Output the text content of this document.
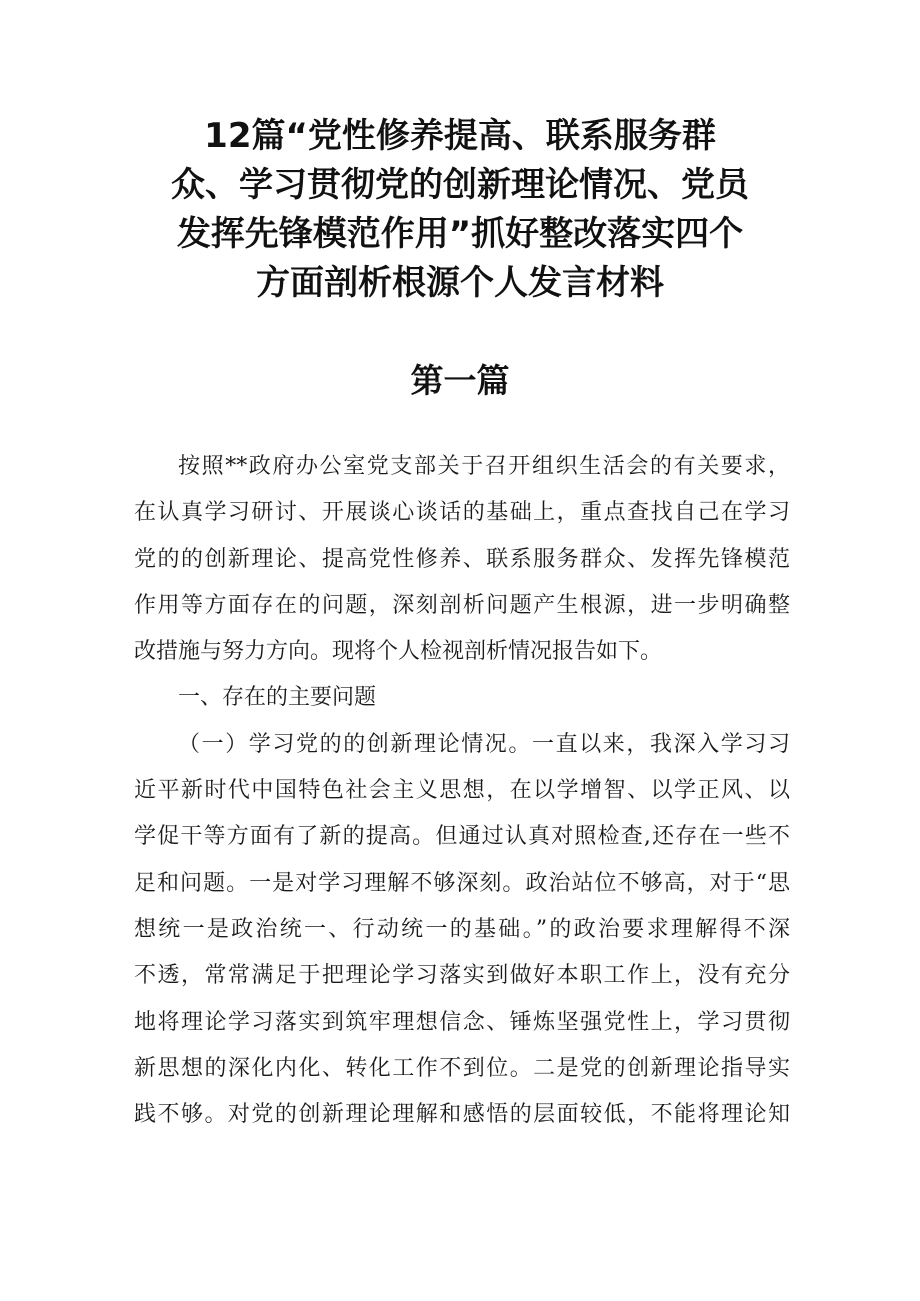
12篇“党性修养提高、联系服务群
众、学习贯彻党的创新理论情况、党员
发挥先锋模范作用”抓好整改落实四个
方面剖析根源个人发言材料
第一篇
按照**政府办公室党支部关于召开组织生活会的有关要求，
在认真学习研讨、开展谈心谈话的基础上，重点查找自己在学习
党的的创新理论、提高党性修养、联系服务群众、发挥先锋模范
作用等方面存在的问题，深刻剖析问题产生根源，进一步明确整
改措施与努力方向。现将个人检视剖析情况报告如下。
一、存在的主要问题
（一）学习党的的创新理论情况。一直以来，我深入学习习
近平新时代中国特色社会主义思想，在以学增智、以学正风、以
学促干等方面有了新的提高。但通过认真对照检查,还存在一些不
足和问题。一是对学习理解不够深刻。政治站位不够高，对于“思
想统一是政治统一、行动统一的基础。”的政治要求理解得不深
不透，常常满足于把理论学习落实到做好本职工作上，没有充分
地将理论学习落实到筑牢理想信念、锤炼坚强党性上，学习贯彻
新思想的深化内化、转化工作不到位。二是党的创新理论指导实
践不够。对党的创新理论理解和感悟的层面较低，不能将理论知
